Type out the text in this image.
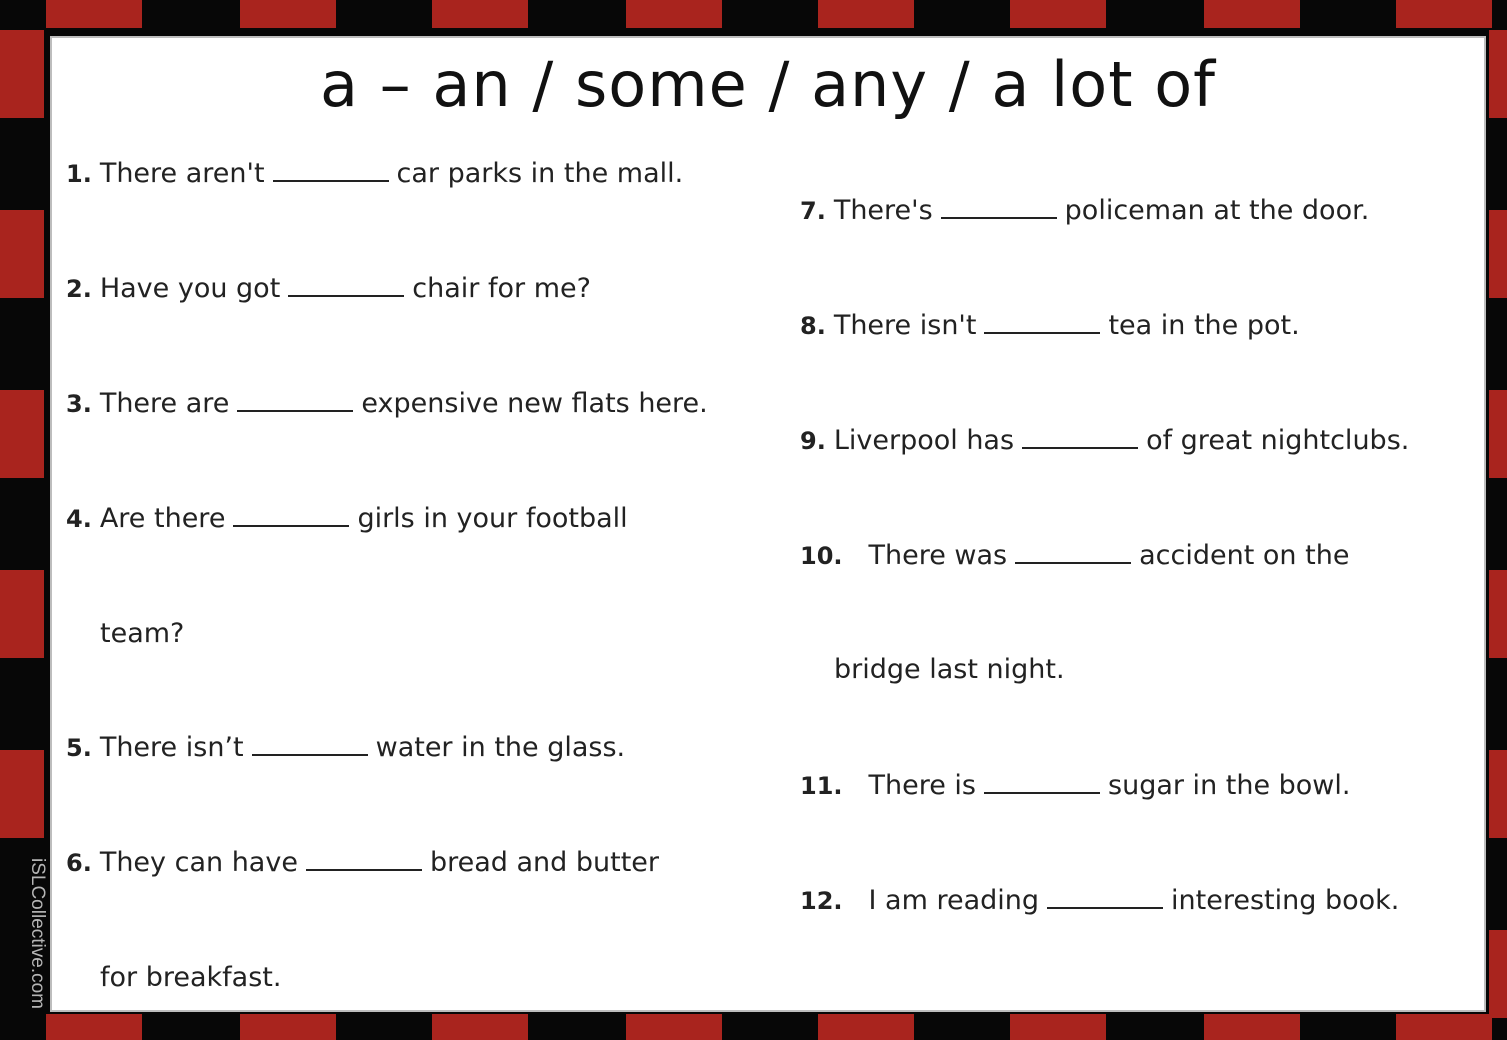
a – an / some / any / a lot of
1. There aren't	car parks in the mall.
2. Have you got	chair for me?
3. There are	expensive new flats here.
4. Are there	girls in your football
team?
5. There isn’t	water in the glass.
6. They can have	bread and butter
for breakfast.
7. There's	policeman at the door.
8. There isn't	tea in the pot.
9. Liverpool has	of great nightclubs.
10. There was	accident on the
bridge last night.
11. There is	sugar in the bowl.
12. I am reading	interesting book.
iSLCollective.com
